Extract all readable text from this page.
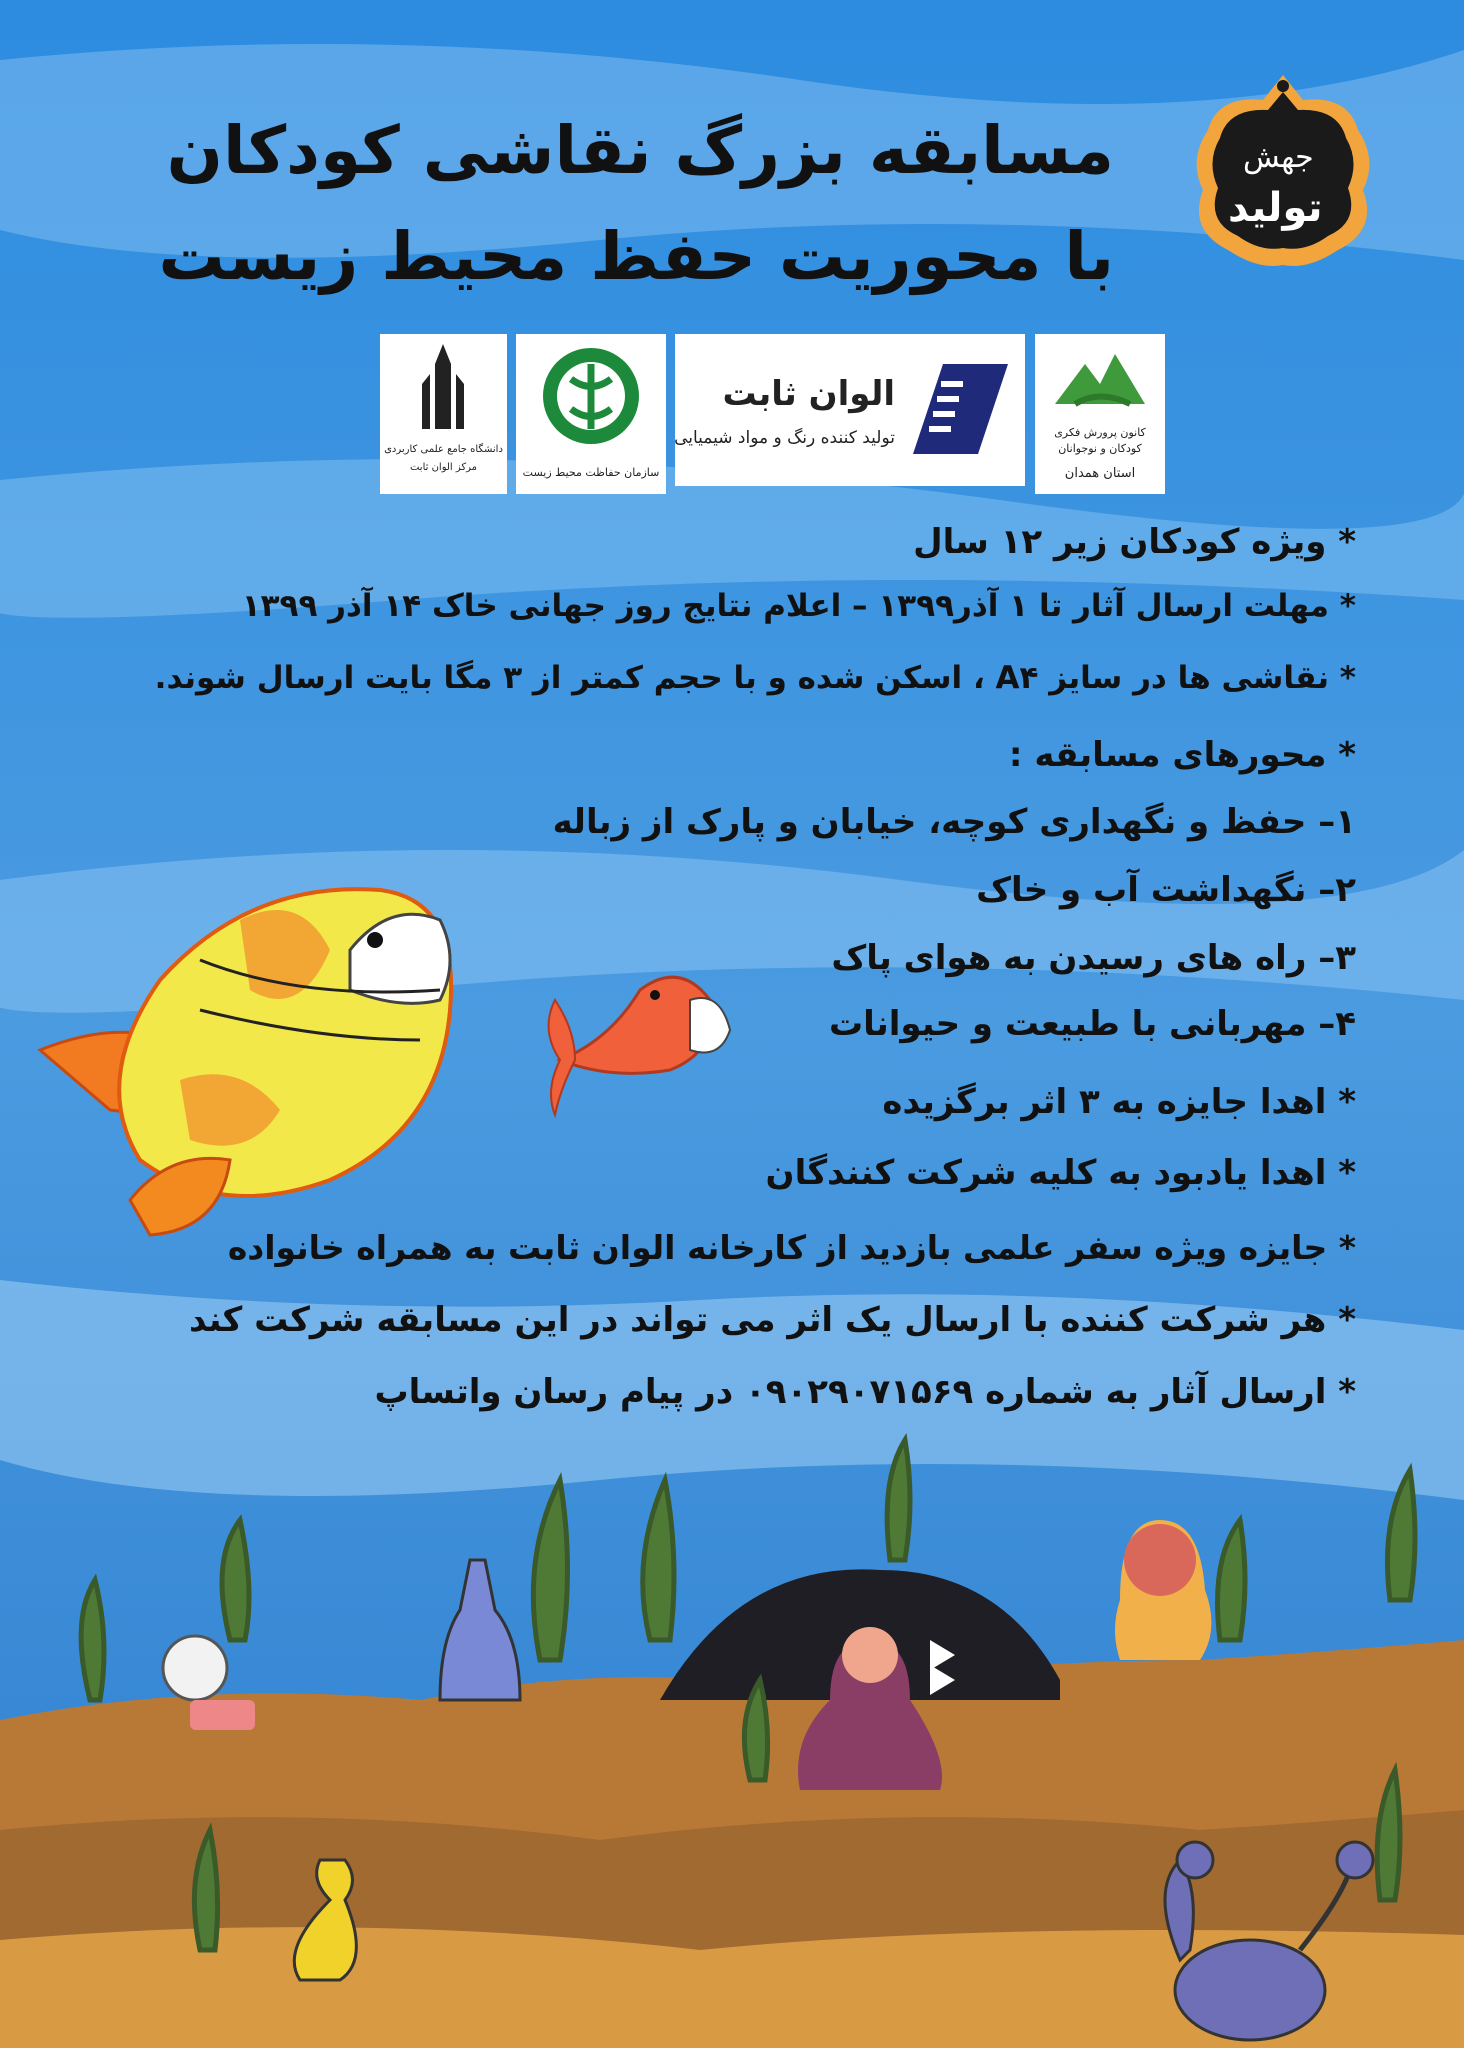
جهش
تولید
مسابقه بزرگ نقاشی کودکان
با محوریت حفظ محیط زیست
کانون پرورش فکری
کودکان و نوجوانان
استان همدان
الوان ثابت
تولید کننده رنگ و مواد شیمیایی
سازمان حفاظت محیط زیست
دانشگاه جامع علمی کاربردی
مرکز الوان ثابت
* ویژه کودکان زیر ۱۲ سال
* مهلت ارسال آثار تا ۱ آذر۱۳۹۹ – اعلام نتایج روز جهانی خاک ۱۴ آذر ۱۳۹۹
* نقاشی ها در سایز A۴ ، اسکن شده و با حجم کمتر از ۳ مگا بایت ارسال شوند.
* محورهای مسابقه :
۱– حفظ و نگهداری کوچه، خیابان و پارک از زباله
۲– نگهداشت آب و خاک
۳– راه های رسیدن به هوای پاک
۴– مهربانی با طبیعت و حیوانات
* اهدا جایزه به ۳ اثر برگزیده
* اهدا یادبود به کلیه شرکت کنندگان
* جایزه ویژه سفر علمی بازدید از کارخانه الوان ثابت به همراه خانواده
* هر شرکت کننده با ارسال یک اثر می تواند در این مسابقه شرکت کند
* ارسال آثار به شماره ۰۹۰۲۹۰۷۱۵۶۹ در پیام رسان واتساپ
